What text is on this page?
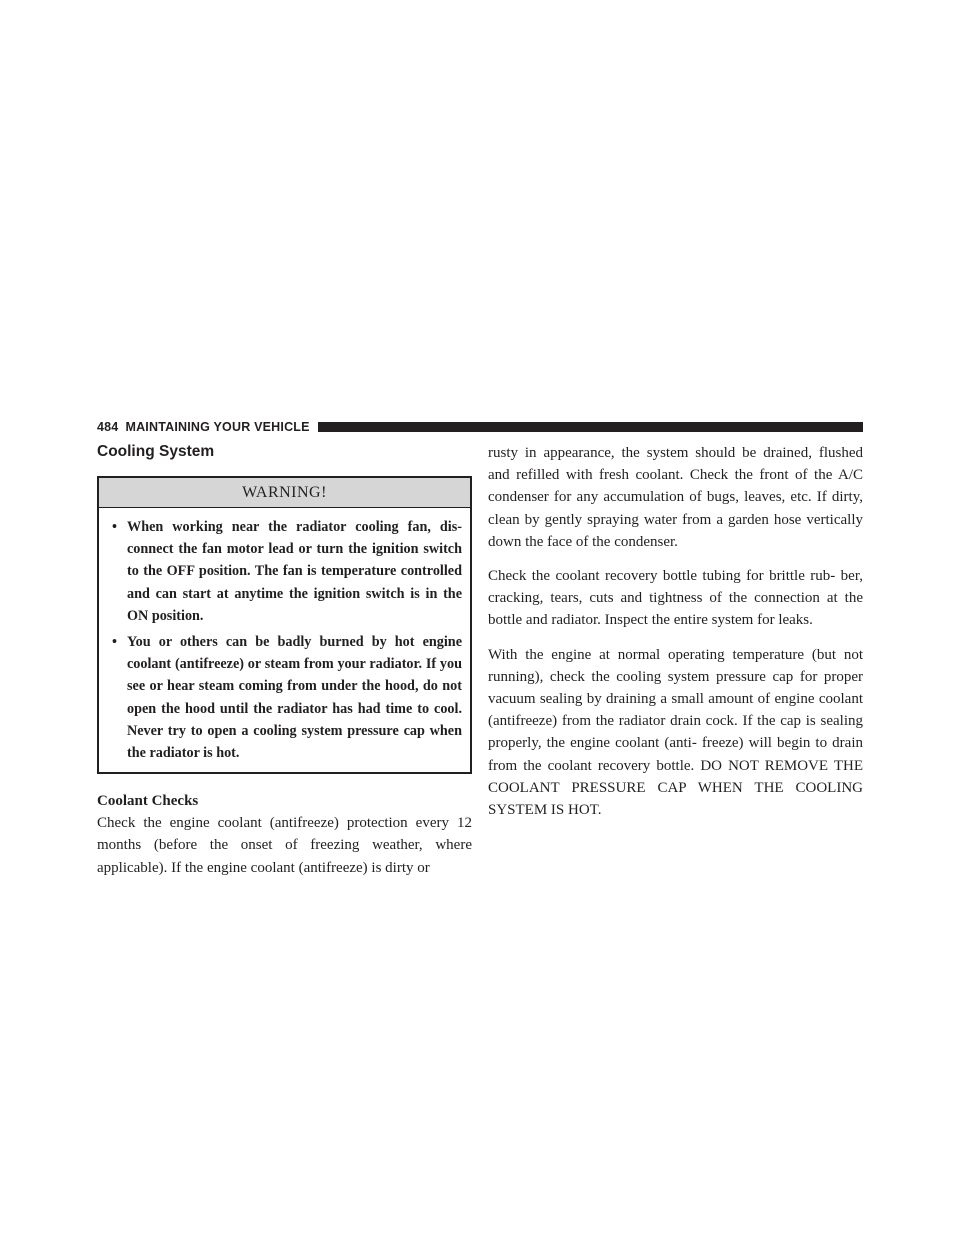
484 MAINTAINING YOUR VEHICLE
Cooling System
WARNING!
• When working near the radiator cooling fan, dis- connect the fan motor lead or turn the ignition switch to the OFF position. The fan is temperature controlled and can start at anytime the ignition switch is in the ON position.
• You or others can be badly burned by hot engine coolant (antifreeze) or steam from your radiator. If you see or hear steam coming from under the hood, do not open the hood until the radiator has had time to cool. Never try to open a cooling system pressure cap when the radiator is hot.
Coolant Checks

Check the engine coolant (antifreeze) protection every 12 months (before the onset of freezing weather, where applicable). If the engine coolant (antifreeze) is dirty or

rusty in appearance, the system should be drained, flushed and refilled with fresh coolant. Check the front of the A/C condenser for any accumulation of bugs, leaves, etc. If dirty, clean by gently spraying water from a garden hose vertically down the face of the condenser.

Check the coolant recovery bottle tubing for brittle rub- ber, cracking, tears, cuts and tightness of the connection at the bottle and radiator. Inspect the entire system for leaks.

With the engine at normal operating temperature (but not running), check the cooling system pressure cap for proper vacuum sealing by draining a small amount of engine coolant (antifreeze) from the radiator drain cock. If the cap is sealing properly, the engine coolant (anti- freeze) will begin to drain from the coolant recovery bottle. DO NOT REMOVE THE COOLANT PRESSURE CAP WHEN THE COOLING SYSTEM IS HOT.
